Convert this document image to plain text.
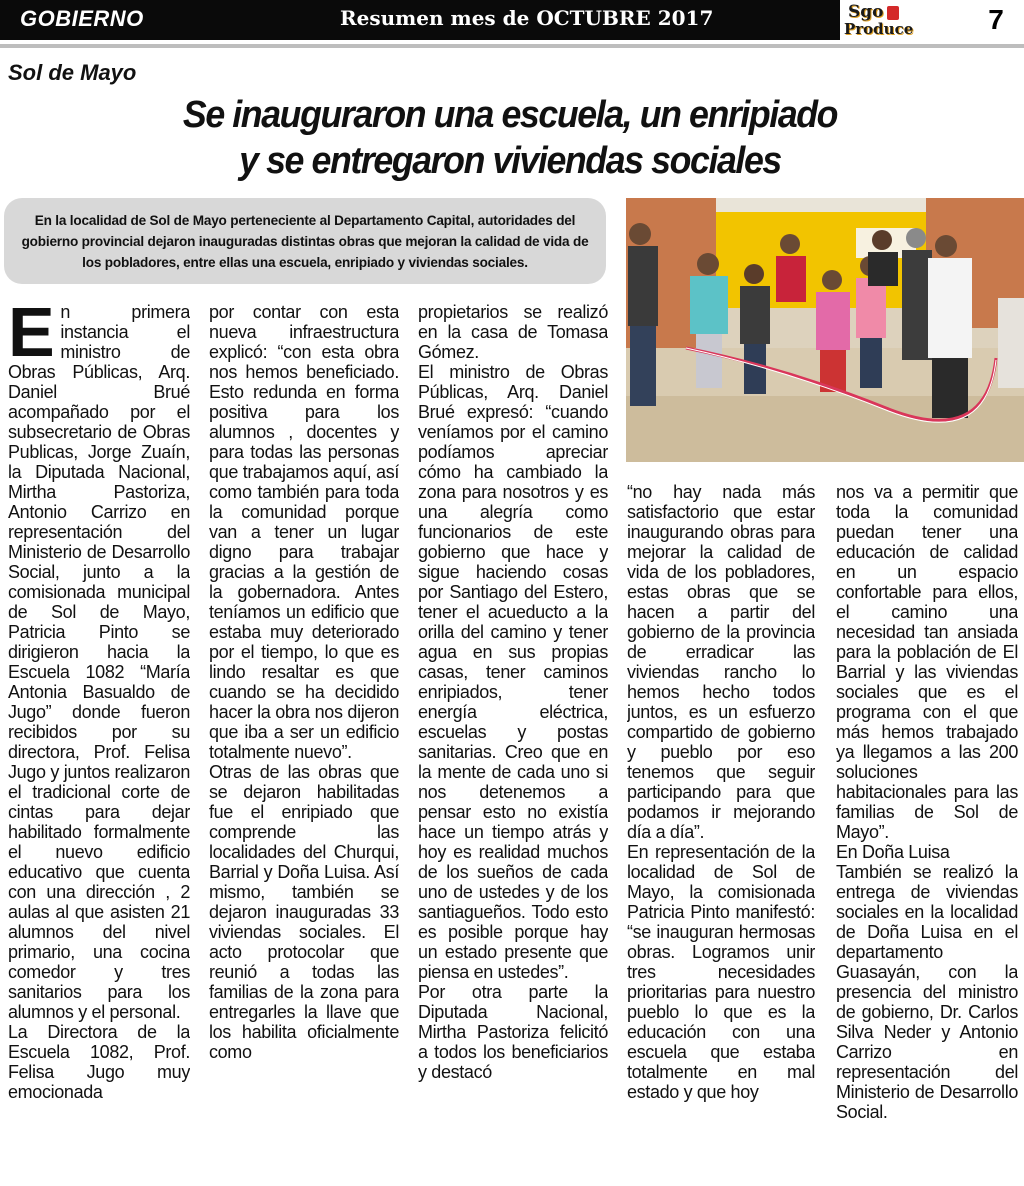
GOBIERNO	Resumen mes de OCTUBRE 2017	Sgo
Produce	7
Sol de Mayo
Se inauguraron una escuela, un enripiado
y se entregaron viviendas sociales
En la localidad de Sol de Mayo perteneciente al Departamento Capital, autoridades del gobierno provincial dejaron inauguradas distintas obras que mejoran la calidad de vida de los pobladores, entre ellas una escuela, enripiado y viviendas sociales.
E n primera instancia el ministro de Obras Públicas, Arq. Daniel Brué acompañado por el subsecretario de Obras Publicas, Jorge Zuaín, la Diputada Nacional, Mirtha Pastoriza, Antonio Carrizo en representación del Ministerio de Desarrollo Social, junto a la comisionada municipal de Sol de Mayo, Patricia Pinto se dirigieron hacia la Escuela 1082 “María Antonia Basualdo de Jugo” donde fueron recibidos por su directora, Prof. Felisa Jugo y juntos realizaron el tradicional corte de cintas para dejar habilitado formalmente el nuevo edificio educativo que cuenta con una dirección , 2 aulas al que asisten 21 alumnos del nivel primario, una cocina comedor y tres sanitarios para los alumnos y el personal.

La Directora de la Escuela 1082, Prof. Felisa Jugo muy emocionada

por contar con esta nueva infraestructura explicó: “con esta obra nos hemos beneficiado. Esto redunda en forma positiva para los alumnos , docentes y para todas las personas que trabajamos aquí, así como también para toda la comunidad porque van a tener un lugar digno para trabajar gracias a la gestión de la gobernadora. Antes teníamos un edificio que estaba muy deteriorado por el tiempo, lo que es lindo resaltar es que cuando se ha decidido hacer la obra nos dijeron que iba a ser un edificio totalmente nuevo”.

Otras de las obras que se dejaron habilitadas fue el enripiado que comprende las localidades del Churqui, Barrial y Doña Luisa. Así mismo, también se dejaron inauguradas 33 viviendas sociales. El acto protocolar que reunió a todas las familias de la zona para entregarles la llave que los habilita oficialmente como

propietarios se realizó en la casa de Tomasa Gómez.

El ministro de Obras Públicas, Arq. Daniel Brué expresó: “cuando veníamos por el camino podíamos apreciar cómo ha cambiado la zona para nosotros y es una alegría como funcionarios de este gobierno que hace y sigue haciendo cosas por Santiago del Estero, tener el acueducto a la orilla del camino y tener agua en sus propias casas, tener caminos enripiados, tener energía eléctrica, escuelas y postas sanitarias. Creo que en la mente de cada uno si nos detenemos a pensar esto no existía hace un tiempo atrás y hoy es realidad muchos de los sueños de cada uno de ustedes y de los santiagueños. Todo esto es posible porque hay un estado presente que piensa en ustedes”.

Por otra parte la Diputada Nacional, Mirtha Pastoriza felicitó a todos los beneficiarios y destacó

“no hay nada más satisfactorio que estar inaugurando obras para mejorar la calidad de vida de los pobladores, estas obras que se hacen a partir del gobierno de la provincia de erradicar las viviendas rancho lo hemos hecho todos juntos, es un esfuerzo compartido de gobierno y pueblo por eso tenemos que seguir participando para que podamos ir mejorando día a día”.

En representación de la localidad de Sol de Mayo, la comisionada Patricia Pinto manifestó: “se inauguran hermosas obras. Logramos unir tres necesidades prioritarias para nuestro pueblo lo que es la educación con una escuela que estaba totalmente en mal estado y que hoy

nos va a permitir que toda la comunidad puedan tener una educación de calidad en un espacio confortable para ellos, el camino una necesidad tan ansiada para la población de El Barrial y las viviendas sociales que es el programa con el que más hemos trabajado ya llegamos a las 200 soluciones habitacionales para las familias de Sol de Mayo”.

En Doña Luisa

También se realizó la entrega de viviendas sociales en la localidad de Doña Luisa en el departamento Guasayán, con la presencia del ministro de gobierno, Dr. Carlos Silva Neder y Antonio Carrizo en representación del Ministerio de Desarrollo Social.
